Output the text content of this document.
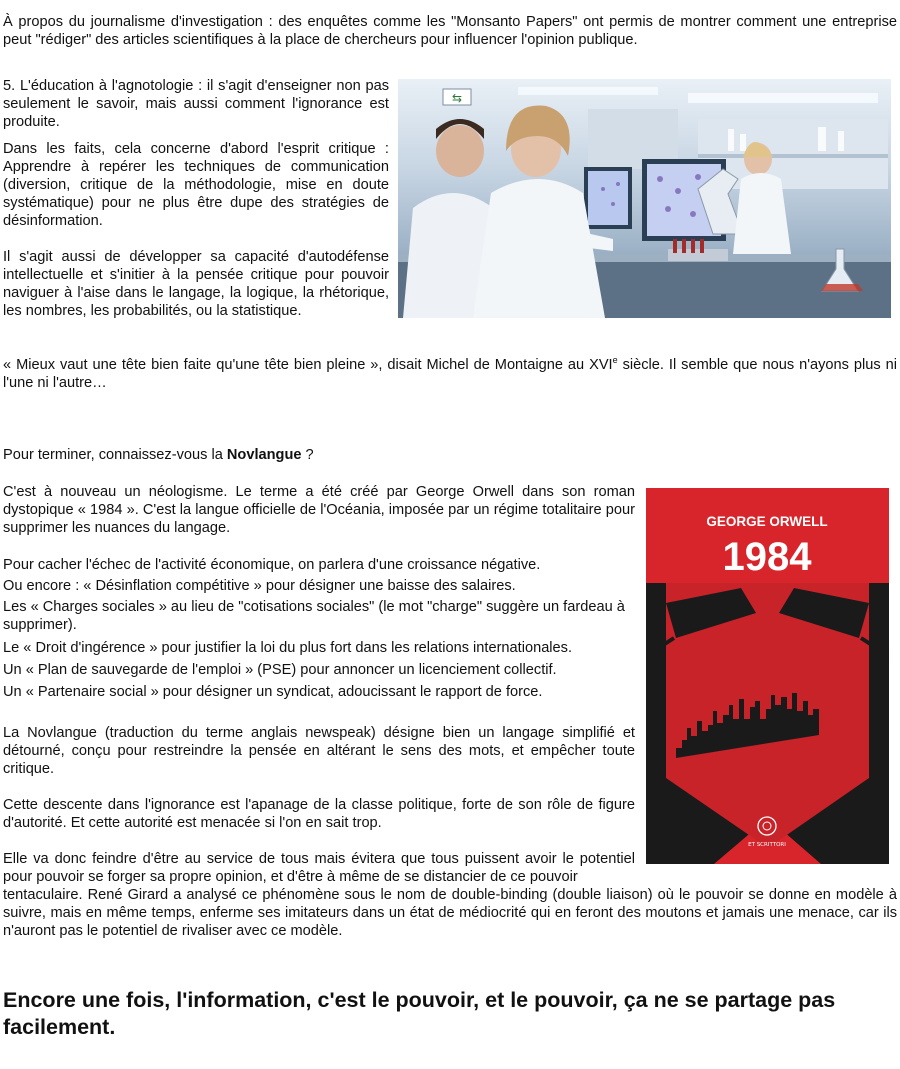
À propos du journalisme d'investigation : des enquêtes comme les "Monsanto Papers" ont permis de montrer comment une entreprise peut "rédiger" des articles scientifiques à la place de chercheurs pour influencer l'opinion publique.

5. L'éducation à l'agnotologie : il s'agit d'enseigner non pas seulement le savoir, mais aussi comment l'ignorance est produite.

Dans les faits, cela concerne d'abord l'esprit critique : Apprendre à repérer les techniques de communication (diversion, critique de la méthodologie, mise en doute systématique) pour ne plus être dupe des stratégies de désinformation.

Il s'agit aussi de développer sa capacité d'autodéfense intellectuelle et s'initier à la pensée critique pour pouvoir naviguer à l'aise dans le langage, la logique, la rhétorique, les nombres, les probabilités, ou la statistique.

⇆

« Mieux vaut une tête bien faite qu'une tête bien pleine », disait Michel de Montaigne au XVIe siècle. Il semble que nous n'ayons plus ni l'une ni l'autre…

Pour terminer, connaissez-vous la Novlangue ?

C'est à nouveau un néologisme. Le terme a été créé par George Orwell dans son roman dystopique « 1984 ». C'est la langue officielle de l'Océania, imposée par un régime totalitaire pour supprimer les nuances du langage.

Pour cacher l'échec de l'activité économique, on parlera d'une croissance négative.

Ou encore : « Désinflation compétitive » pour désigner une baisse des salaires.

Les « Charges sociales » au lieu de "cotisations sociales" (le mot "charge" suggère un fardeau à supprimer).

Le « Droit d'ingérence » pour justifier la loi du plus fort dans les relations internationales.

Un « Plan de sauvegarde de l'emploi » (PSE) pour annoncer un licenciement collectif.

Un « Partenaire social » pour désigner un syndicat, adoucissant le rapport de force.

La Novlangue (traduction du terme anglais newspeak) désigne bien un langage simplifié et détourné, conçu pour restreindre la pensée en altérant le sens des mots, et empêcher toute critique.

Cette descente dans l'ignorance est l'apanage de la classe politique, forte de son rôle de figure d'autorité. Et cette autorité est menacée si l'on en sait trop.

Elle va donc feindre d'être au service de tous mais évitera que tous puissent avoir le potentiel pour pouvoir se forger sa propre opinion, et d'être à même de se distancier de ce pouvoir

tentaculaire. René Girard a analysé ce phénomène sous le nom de double-binding (double liaison) où le pouvoir se donne en modèle à suivre, mais en même temps, enferme ses imitateurs dans un état de médiocrité qui en feront des moutons et jamais une menace, car ils n'auront pas le potentiel de rivaliser avec ce modèle.

ET SCRITTORI
GEORGE ORWELL
1984

Encore une fois, l'information, c'est le pouvoir, et le pouvoir, ça ne se partage pas facilement.
